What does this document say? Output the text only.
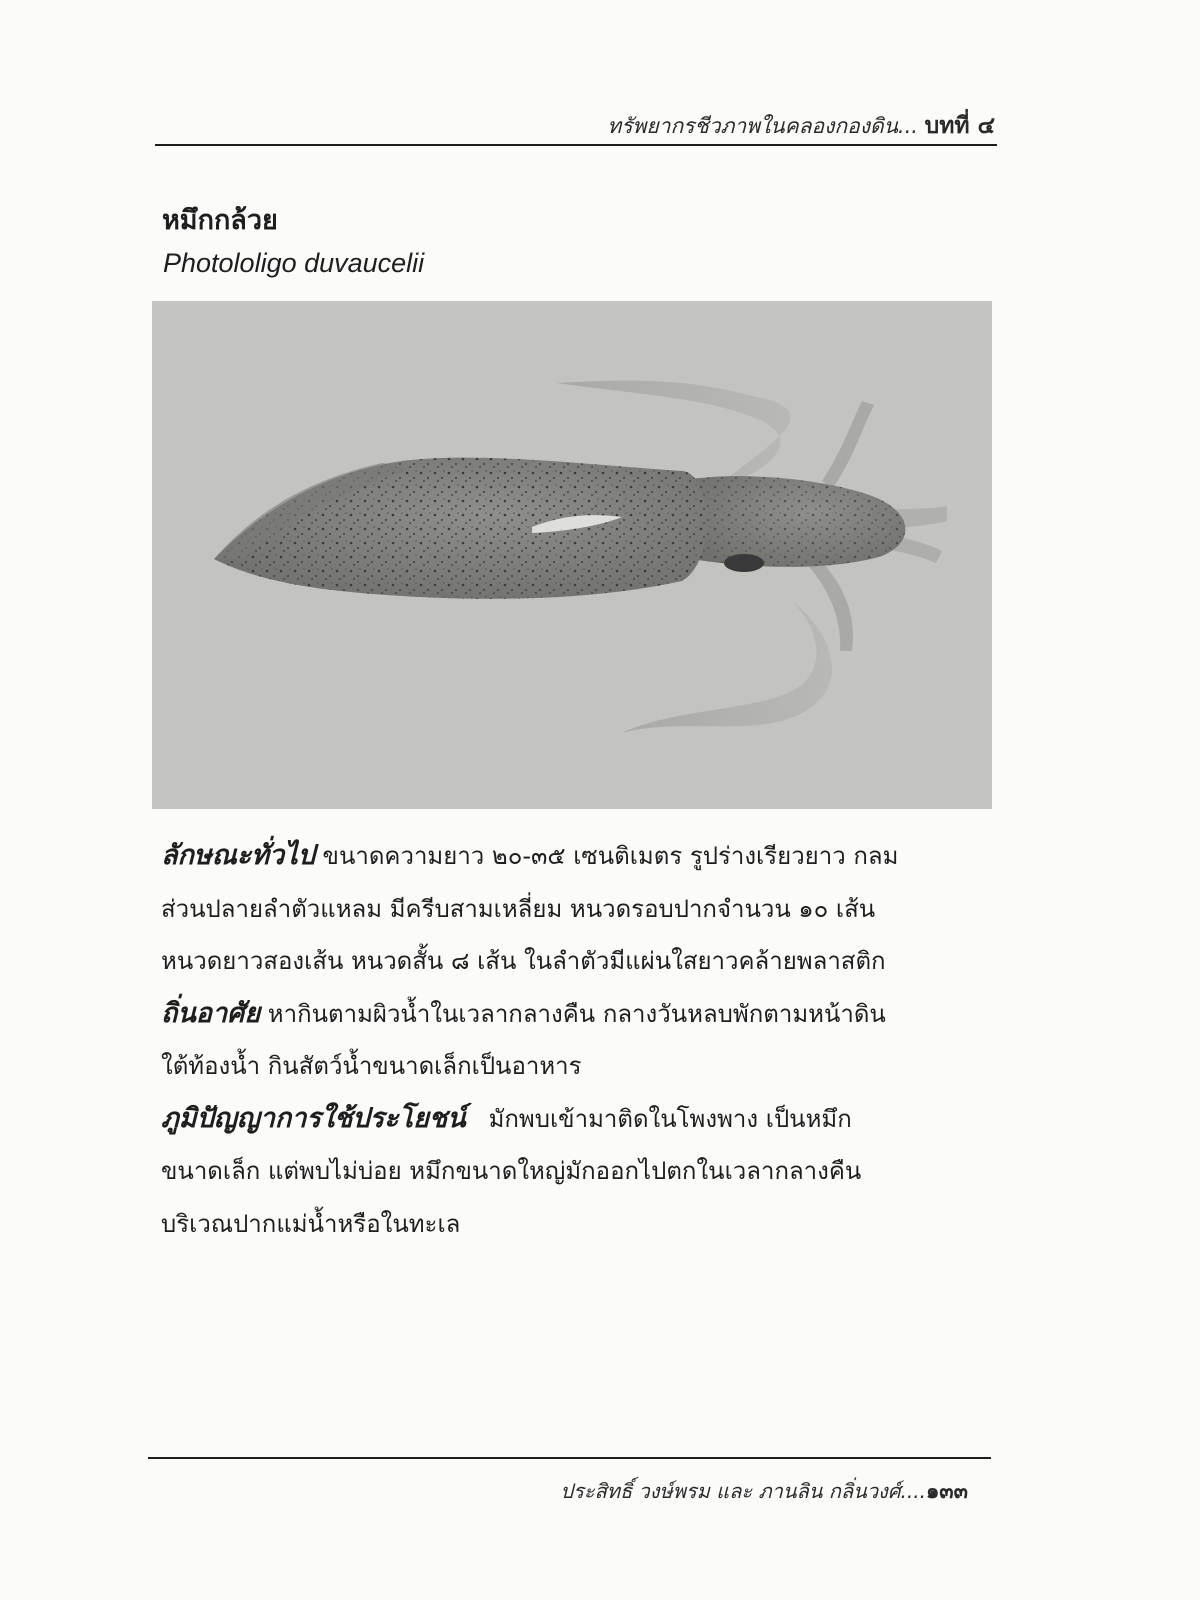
ทรัพยากรชีวภาพในคลองกองดิน... บทที่ ๔
หมึกกล้วย

Photololigo duvaucelii

ลักษณะทั่วไป ขนาดความยาว ๒๐-๓๕ เซนติเมตร รูปร่างเรียวยาว กลม
ส่วนปลายลำตัวแหลม มีครีบสามเหลี่ยม หนวดรอบปากจำนวน ๑๐ เส้น
หนวดยาวสองเส้น หนวดสั้น ๘ เส้น ในลำตัวมีแผ่นใสยาวคล้ายพลาสติก
ถิ่นอาศัย หากินตามผิวน้ำในเวลากลางคืน กลางวันหลบพักตามหน้าดิน
ใต้ท้องน้ำ กินสัตว์น้ำขนาดเล็กเป็นอาหาร
ภูมิปัญญาการใช้ประโยชน์   มักพบเข้ามาติดในโพงพาง เป็นหมึก
ขนาดเล็ก แต่พบไม่บ่อย หมึกขนาดใหญ่มักออกไปตกในเวลากลางคืน
บริเวณปากแม่น้ำหรือในทะเล
ประสิทธิ์ วงษ์พรม และ ภานลิน กลิ่นวงศ์....๑๓๓
